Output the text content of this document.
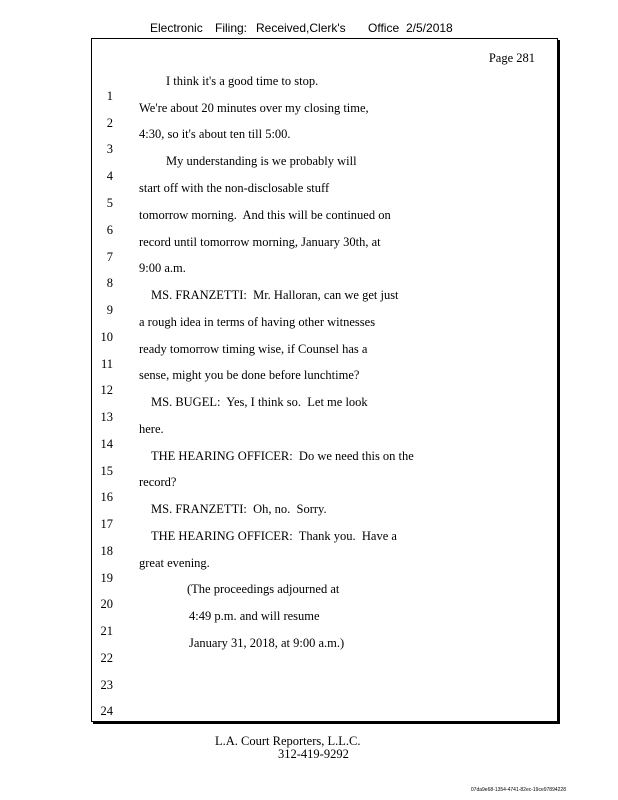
Electronic Filing: Received,Clerk's Office 2/5/2018
Page 281

1

I think it's a good time to stop.

2

We're about 20 minutes over my closing time,

3

4:30, so it's about ten till 5:00.

4

My understanding is we probably will

5

start off with the non-disclosable stuff

6

tomorrow morning.  And this will be continued on

7

record until tomorrow morning, January 30th, at

8

9:00 a.m.

9

MS. FRANZETTI:  Mr. Halloran, can we get just

10

a rough idea in terms of having other witnesses

11

ready tomorrow timing wise, if Counsel has a

12

sense, might you be done before lunchtime?

13

MS. BUGEL:  Yes, I think so.  Let me look

14

here.

15

THE HEARING OFFICER:  Do we need this on the

16

record?

17

MS. FRANZETTI:  Oh, no.  Sorry.

18

THE HEARING OFFICER:  Thank you.  Have a

19

great evening.

20

(The proceedings adjourned at

21

4:49 p.m. and will resume

22

January 31, 2018, at 9:00 a.m.)

23

24

L.A. Court Reporters, L.L.C.
312-419-9292
07da9e68-1354-4741-82ec-19ce97894228
